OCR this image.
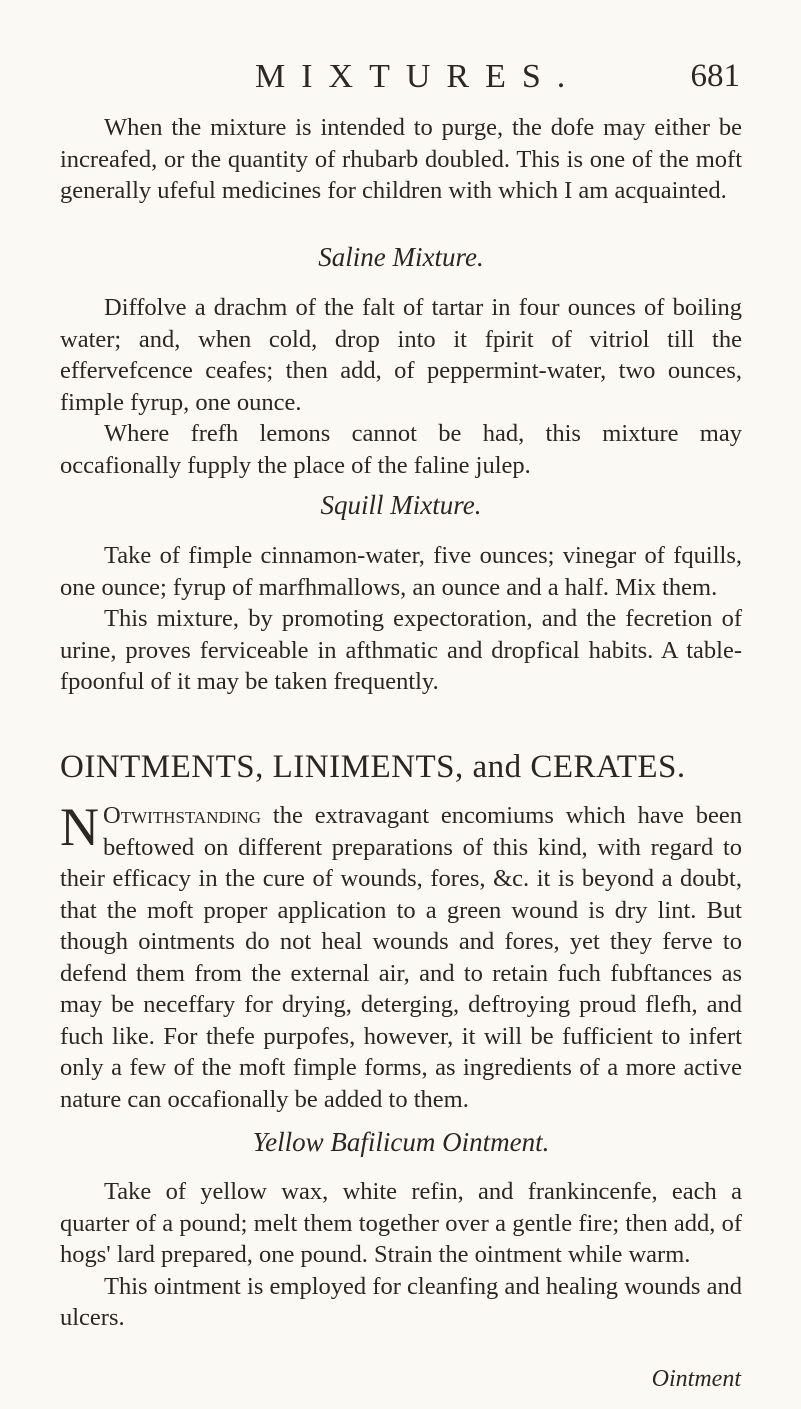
MIXTURES.	681

When the mixture is intended to purge, the dofe may either be increafed, or the quantity of rhubarb doubled. This is one of the moft generally ufeful medicines for children with which I am acquainted.

Saline Mixture.

Diffolve a drachm of the falt of tartar in four ounces of boiling water; and, when cold, drop into it fpirit of vitriol till the effervefcence ceafes; then add, of peppermint-water, two ounces, fimple fyrup, one ounce.

Where frefh lemons cannot be had, this mixture may occafionally fupply the place of the faline julep.

Squill Mixture.

Take of fimple cinnamon-water, five ounces; vinegar of fquills, one ounce; fyrup of marfhmallows, an ounce and a half. Mix them.

This mixture, by promoting expectoration, and the fecretion of urine, proves ferviceable in afthmatic and dropfical habits. A table-fpoonful of it may be taken frequently.

OINTMENTS, LINIMENTS, and CERATES.

N Otwithstanding the extravagant encomiums which have been beftowed on different preparations of this kind, with regard to their efficacy in the cure of wounds, fores, &c. it is beyond a doubt, that the moft proper application to a green wound is dry lint. But though ointments do not heal wounds and fores, yet they ferve to defend them from the external air, and to retain fuch fubftances as may be neceffary for drying, deterging, deftroying proud flefh, and fuch like. For thefe purpofes, however, it will be fufficient to infert only a few of the moft fimple forms, as ingredients of a more active nature can occafionally be added to them.

Yellow Bafilicum Ointment.

Take of yellow wax, white refin, and frankincenfe, each a quarter of a pound; melt them together over a gentle fire; then add, of hogs' lard prepared, one pound. Strain the ointment while warm.

This ointment is employed for cleanfing and healing wounds and ulcers.

Ointment
